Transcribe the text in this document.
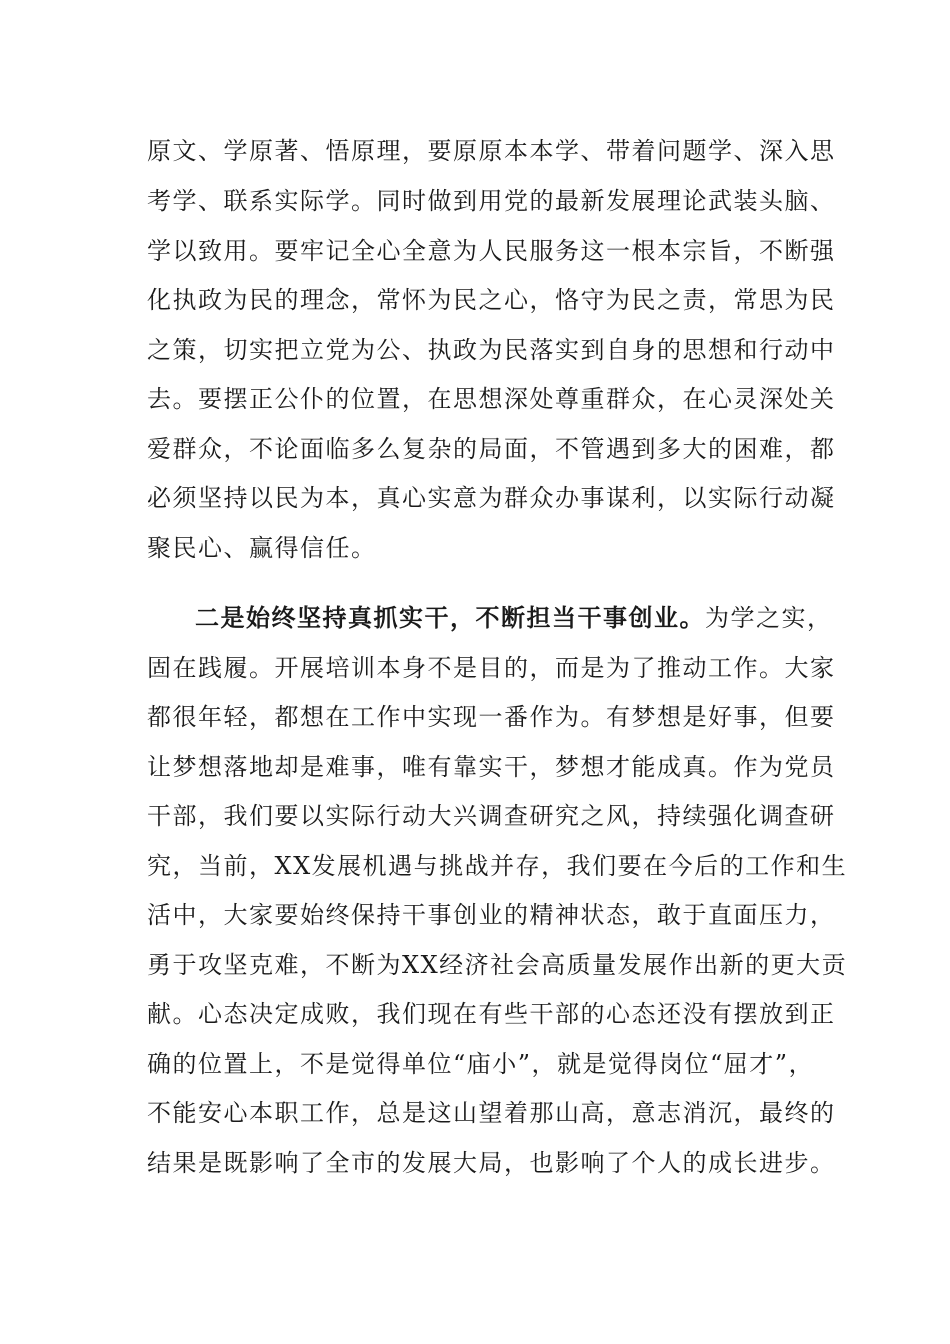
原文、学原著、悟原理，要原原本本学、带着问题学、深入思
考学、联系实际学。同时做到用党的最新发展理论武装头脑、
学以致用。要牢记全心全意为人民服务这一根本宗旨，不断强
化执政为民的理念，常怀为民之心，恪守为民之责，常思为民
之策，切实把立党为公、执政为民落实到自身的思想和行动中
去。要摆正公仆的位置，在思想深处尊重群众，在心灵深处关
爱群众，不论面临多么复杂的局面，不管遇到多大的困难，都
必须坚持以民为本，真心实意为群众办事谋利，以实际行动凝
聚民心、赢得信任。
二是始终坚持真抓实干，不断担当干事创业。为学之实，
固在践履。开展培训本身不是目的，而是为了推动工作。大家
都很年轻，都想在工作中实现一番作为。有梦想是好事，但要
让梦想落地却是难事，唯有靠实干，梦想才能成真。作为党员
干部，我们要以实际行动大兴调查研究之风，持续强化调查研
究，当前，XX发展机遇与挑战并存，我们要在今后的工作和生
活中，大家要始终保持干事创业的精神状态，敢于直面压力，
勇于攻坚克难，不断为XX经济社会高质量发展作出新的更大贡
献。心态决定成败，我们现在有些干部的心态还没有摆放到正
确的位置上，不是觉得单位“庙小”，就是觉得岗位“屈才”，
不能安心本职工作，总是这山望着那山高，意志消沉，最终的
结果是既影响了全市的发展大局，也影响了个人的成长进步。
